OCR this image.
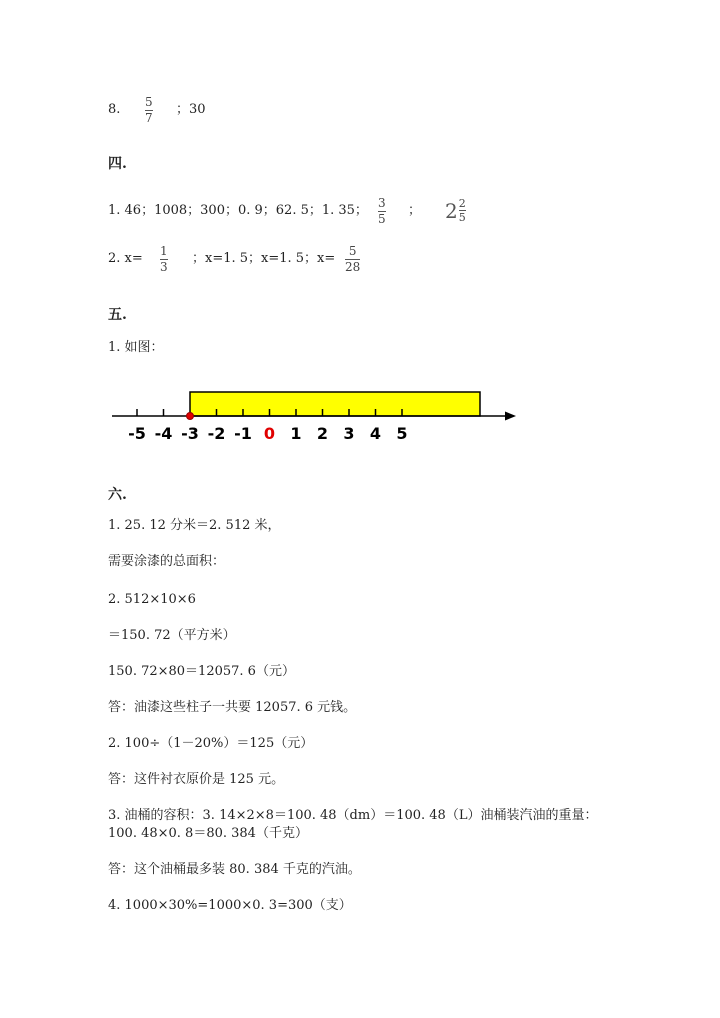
8. 5
7
；30
四.
1. 46；1008；300；0. 9；62. 5；1. 35； 3
5
； $2 \frac{2}{5}$
2. x= 1
3
；x=1. 5；x=1. 5；x= 5
28
五.
1. 如图：
-5 -4 -3 -2 -1 0 1 2 3 4 5
六.
1. 25. 12 分米＝2. 512 米，
需要涂漆的总面积：
2. 512×10×6
＝150. 72（平方米）
150. 72×80＝12057. 6（元）
答：油漆这些柱子一共要 12057. 6 元钱。
2. 100÷（1－20%）＝125（元）
答：这件衬衣原价是 125 元。
3. 油桶的容积：3. 14×2×8＝100. 48（dm）＝100. 48（L）油桶装汽油的重量：
100. 48×0. 8＝80. 384（千克）
答：这个油桶最多装 80. 384 千克的汽油。
4. 1000×30%=1000×0. 3=300（支）
